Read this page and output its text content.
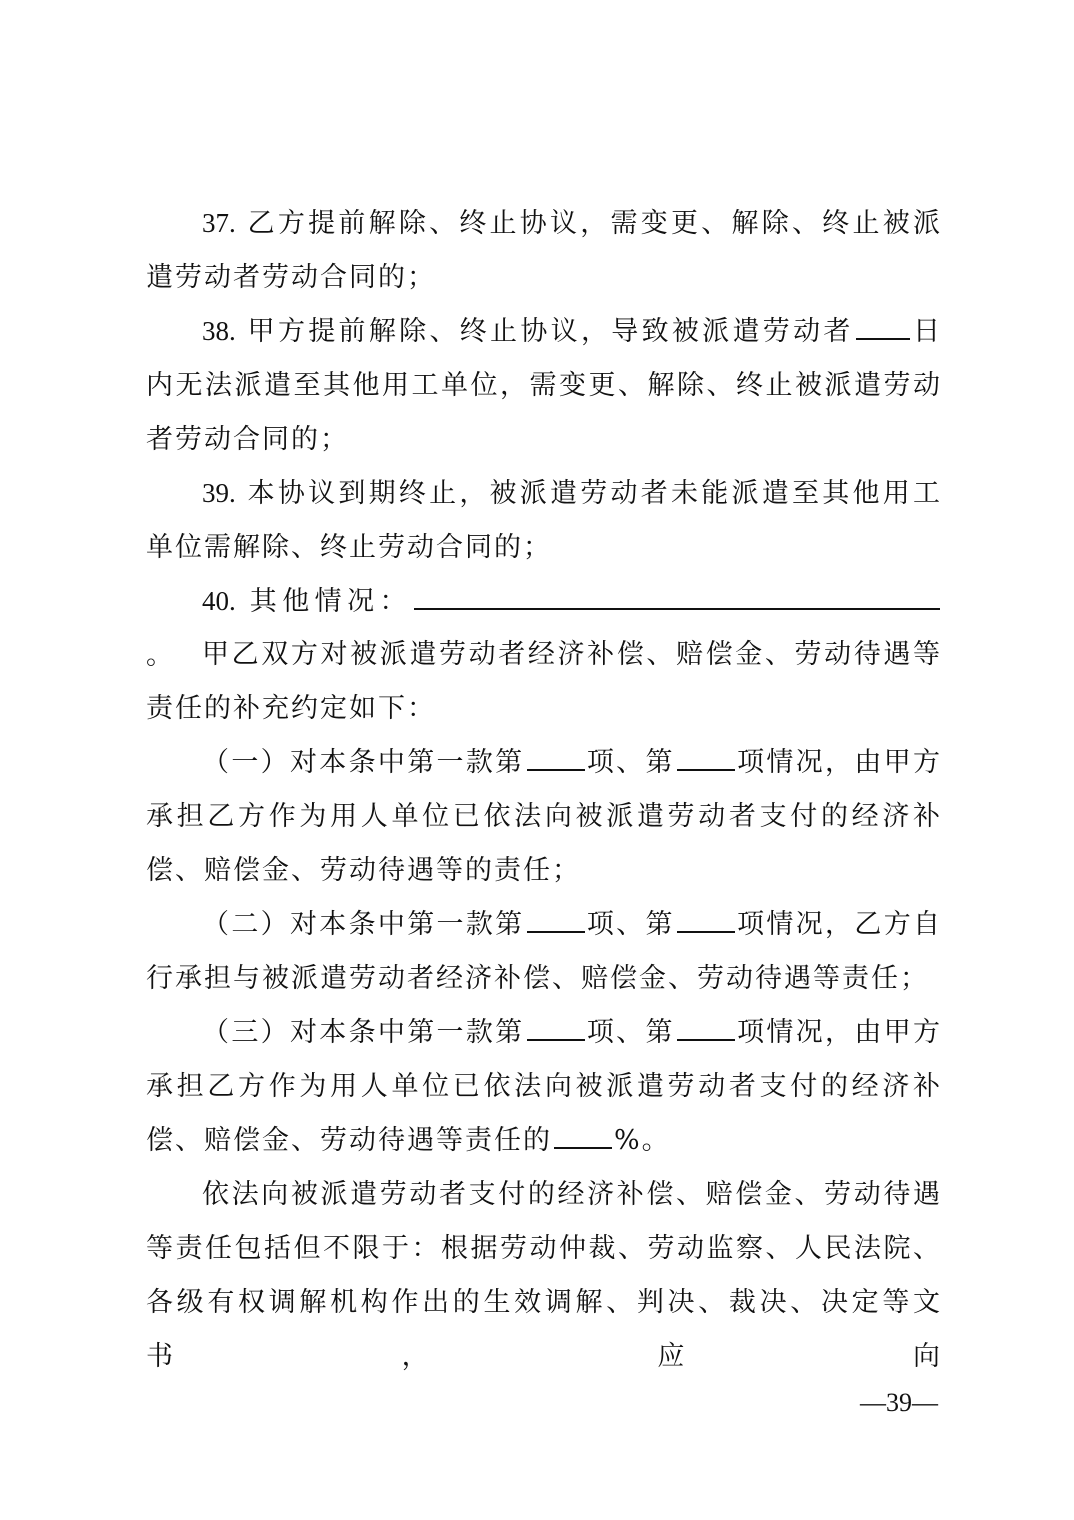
37. 乙方提前解除、终止协议，需变更、解除、终止被派遣劳动者劳动合同的；

38. 甲方提前解除、终止协议，导致被派遣劳动者 日内无法派遣至其他用工单位，需变更、解除、终止被派遣劳动者劳动合同的；

39. 本协议到期终止，被派遣劳动者未能派遣至其他用工单位需解除、终止劳动合同的；

40. 其他情况：。	甲乙双方对被派遣劳动者经济补偿、赔偿金、劳动待遇等责任的补充约定如下：

（一）对本条中第一款第 项、第 项情况，由甲方承担乙方作为用人单位已依法向被派遣劳动者支付的经济补偿、赔偿金、劳动待遇等的责任；

（二）对本条中第一款第 项、第 项情况，乙方自行承担与被派遣劳动者经济补偿、赔偿金、劳动待遇等责任；

（三）对本条中第一款第 项、第 项情况，由甲方承担乙方作为用人单位已依法向被派遣劳动者支付的经济补偿、赔偿金、劳动待遇等责任的 %。

依法向被派遣劳动者支付的经济补偿、赔偿金、劳动待遇等责任包括但不限于：根据劳动仲裁、劳动监察、人民法院、各级有权调解机构作出的生效调解、判决、裁决、决定等文书，应向

—39—
